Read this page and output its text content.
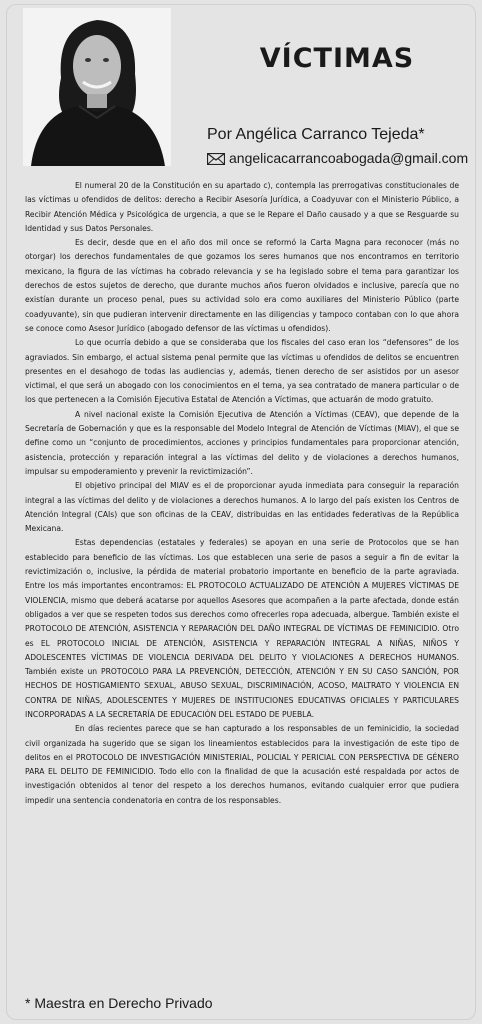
VÍCTIMAS
Por Angélica Carranco Tejeda*
angelicacarrancoabogada@gmail.com

El numeral 20 de la Constitución en su apartado c), contempla las prerrogativas constitucionales de las víctimas u ofendidos de delitos: derecho a Recibir Asesoría Jurídica, a Coadyuvar con el Ministerio Público, a Recibir Atención Médica y Psicológica de urgencia, a que se le Repare el Daño causado y a que se Resguarde su Identidad y sus Datos Personales.

Es decir, desde que en el año dos mil once se reformó la Carta Magna para reconocer (más no otorgar) los derechos fundamentales de que gozamos los seres humanos que nos encontramos en territorio mexicano, la figura de las víctimas ha cobrado relevancia y se ha legislado sobre el tema para garantizar los derechos de estos sujetos de derecho, que durante muchos años fueron olvidados e inclusive, parecía que no existían durante un proceso penal, pues su actividad solo era como auxiliares del Ministerio Público (parte coadyuvante), sin que pudieran intervenir directamente en las diligencias y tampoco contaban con lo que ahora se conoce como Asesor Jurídico (abogado defensor de las víctimas u ofendidos).

Lo que ocurría debido a que se consideraba que los fiscales del caso eran los “defensores” de los agraviados. Sin embargo, el actual sistema penal permite que las víctimas u ofendidos de delitos se encuentren presentes en el desahogo de todas las audiencias y, además, tienen derecho de ser asistidos por un asesor victimal, el que será un abogado con los conocimientos en el tema, ya sea contratado de manera particular o de los que pertenecen a la Comisión Ejecutiva Estatal de Atención a Víctimas, que actuarán de modo gratuito.

A nivel nacional existe la Comisión Ejecutiva de Atención a Víctimas (CEAV), que depende de la Secretaría de Gobernación y que es la responsable del Modelo Integral de Atención de Víctimas (MIAV), el que se define como un “conjunto de procedimientos, acciones y principios fundamentales para proporcionar atención, asistencia, protección y reparación integral a las víctimas del delito y de violaciones a derechos humanos, impulsar su empoderamiento y prevenir la revictimización”.

El objetivo principal del MIAV es el de proporcionar ayuda inmediata para conseguir la reparación integral a las víctimas del delito y de violaciones a derechos humanos. A lo largo del país existen los Centros de Atención Integral (CAIs) que son oficinas de la CEAV, distribuidas en las entidades federativas de la República Mexicana.

Estas dependencias (estatales y federales) se apoyan en una serie de Protocolos que se han establecido para beneficio de las víctimas. Los que establecen una serie de pasos a seguir a fin de evitar la revictimización o, inclusive, la pérdida de material probatorio importante en beneficio de la parte agraviada. Entre los más importantes encontramos: EL PROTOCOLO ACTUALIZADO DE ATENCIÓN A MUJERES VÍCTIMAS DE VIOLENCIA, mismo que deberá acatarse por aquellos Asesores que acompañen a la parte afectada, donde están obligados a ver que se respeten todos sus derechos como ofrecerles ropa adecuada, albergue. También existe el PROTOCOLO DE ATENCIÓN, ASISTENCIA Y REPARACIÓN DEL DAÑO INTEGRAL DE VÍCTIMAS DE FEMINICIDIO. Otro es EL PROTOCOLO INICIAL DE ATENCIÓN, ASISTENCIA Y REPARACIÓN INTEGRAL A NIÑAS, NIÑOS Y ADOLESCENTES VÍCTIMAS DE VIOLENCIA DERIVADA DEL DELITO Y VIOLACIONES A DERECHOS HUMANOS. También existe un PROTOCOLO PARA LA PREVENCIÓN, DETECCIÓN, ATENCIÓN Y EN SU CASO SANCIÓN, POR HECHOS DE HOSTIGAMIENTO SEXUAL, ABUSO SEXUAL, DISCRIMINACIÓN, ACOSO, MALTRATO Y VIOLENCIA EN CONTRA DE NIÑAS, ADOLESCENTES Y MUJERES DE INSTITUCIONES EDUCATIVAS OFICIALES Y PARTICULARES INCORPORADAS A LA SECRETARÍA DE EDUCACIÓN DEL ESTADO DE PUEBLA.

En días recientes parece que se han capturado a los responsables de un feminicidio, la sociedad civil organizada ha sugerido que se sigan los lineamientos establecidos para la investigación de este tipo de delitos en el PROTOCOLO DE INVESTIGACIÓN MINISTERIAL, POLICIAL Y PERICIAL CON PERSPECTIVA DE GÉNERO PARA EL DELITO DE FEMINICIDIO. Todo ello con la finalidad de que la acusación esté respaldada por actos de investigación obtenidos al tenor del respeto a los derechos humanos, evitando cualquier error que pudiera impedir una sentencia condenatoria en contra de los responsables.

* Maestra en Derecho Privado
